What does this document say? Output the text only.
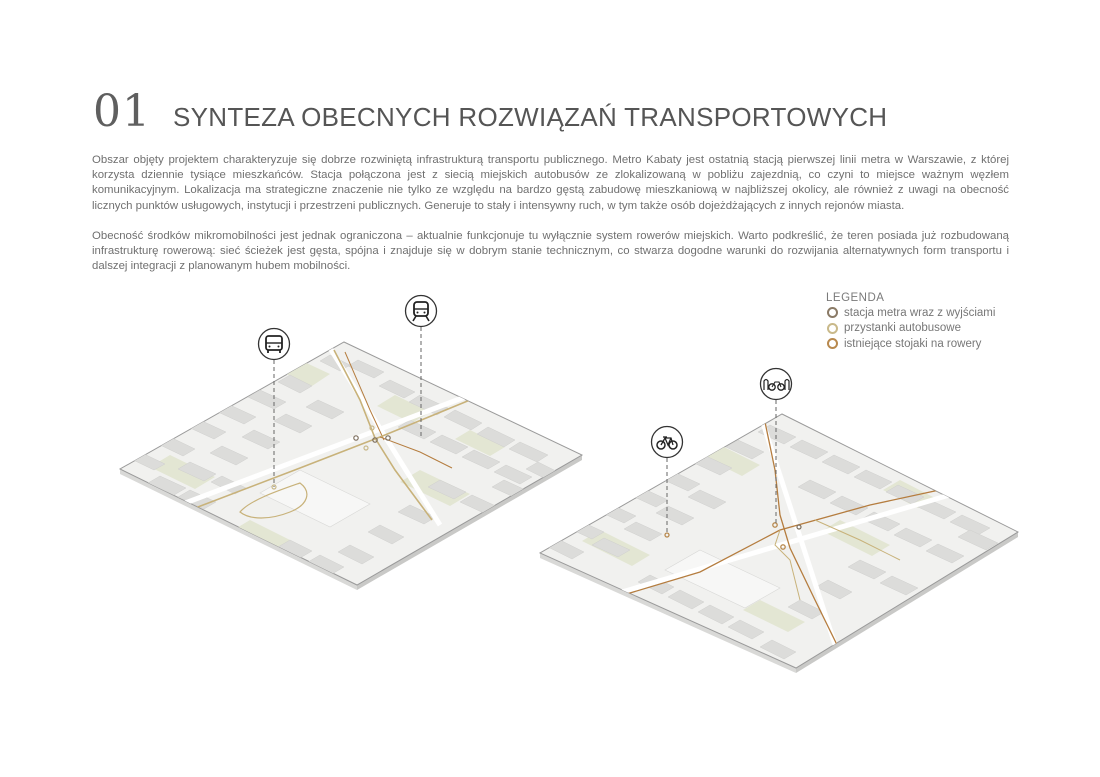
01 SYNTEZA OBECNYCH ROZWIĄZAŃ TRANSPORTOWYCH

Obszar objęty projektem charakteryzuje się dobrze rozwiniętą infrastrukturą transportu publicznego. Metro Kabaty jest ostatnią stacją pierwszej linii metra w Warszawie, z której korzysta dziennie tysiące mieszkańców. Stacja połączona jest z siecią miejskich autobusów ze zlokalizowaną w pobliżu zajezdnią, co czyni to miejsce ważnym węzłem komunikacyjnym. Lokalizacja ma strategiczne znaczenie nie tylko ze względu na bardzo gęstą zabudowę mieszkaniową w najbliższej okolicy, ale również z uwagi na obecność licznych punktów usługowych, instytucji i przestrzeni publicznych. Generuje to stały i intensywny ruch, w tym także osób dojeżdżających z innych rejonów miasta.

Obecność środków mikromobilności jest jednak ograniczona – aktualnie funkcjonuje tu wyłącznie system rowerów miejskich. Warto podkreślić, że teren posiada już rozbudowaną infrastrukturę rowerową: sieć ścieżek jest gęsta, spójna i znajduje się w dobrym stanie technicznym, co stwarza dogodne warunki do rozwijania alternatywnych form transportu i dalszej integracji z planowanym hubem mobilności.

LEGENDA
stacja metra wraz z wyjściami
przystanki autobusowe
istniejące stojaki na rowery
